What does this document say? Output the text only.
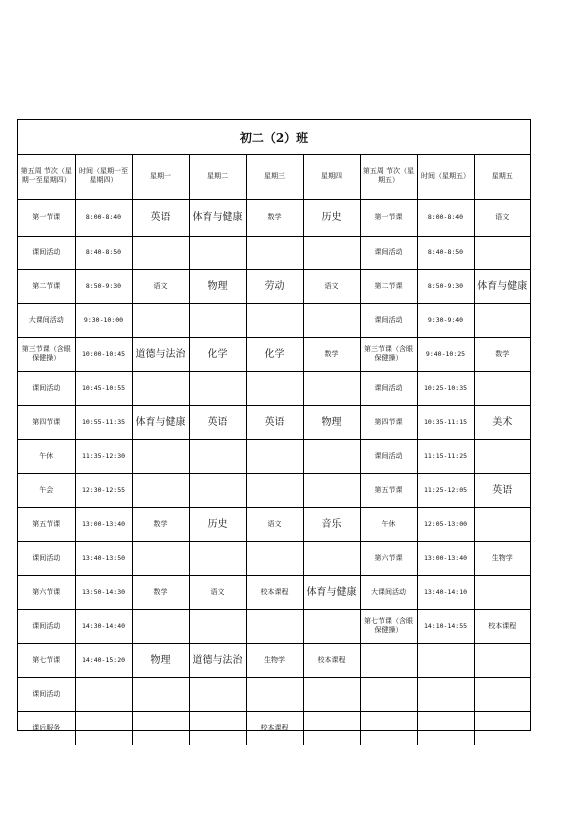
初二（2）班
第五周 节次（星期一至星期四）	时间（星期一至星期四）	星期一	星期二	星期三	星期四	第五周 节次（星期五）	时间（星期五）	星期五
第一节课	8:00-8:40	英语	体育与健康	数学	历史	第一节课	8:00-8:40	语文
课间活动	8:40-8:50					课间活动	8:40-8:50	
第二节课	8:50-9:30	语文	物理	劳动	语文	第二节课	8:50-9:30	体育与健康
大课间活动	9:30-10:00					课间活动	9:30-9:40	
第三节课（含眼保健操）	10:00-10:45	道德与法治	化学	化学	数学	第三节课（含眼保健操）	9:40-10:25	数学
课间活动	10:45-10:55					课间活动	10:25-10:35	
第四节课	10:55-11:35	体育与健康	英语	英语	物理	第四节课	10:35-11:15	美术
午休	11:35-12:30					课间活动	11:15-11:25	
午会	12:30-12:55					第五节课	11:25-12:05	英语
第五节课	13:00-13:40	数学	历史	语文	音乐	午休	12:05-13:00	
课间活动	13:40-13:50					第六节课	13:00-13:40	生物学
第六节课	13:50-14:30	数学	语文	校本课程	体育与健康	大课间活动	13:40-14:10	
课间活动	14:30-14:40					第七节课（含眼保健操）	14:10-14:55	校本课程
第七节课	14:40-15:20	物理	道德与法治	生物学	校本课程			
课间活动								
课后服务				校本课程				
